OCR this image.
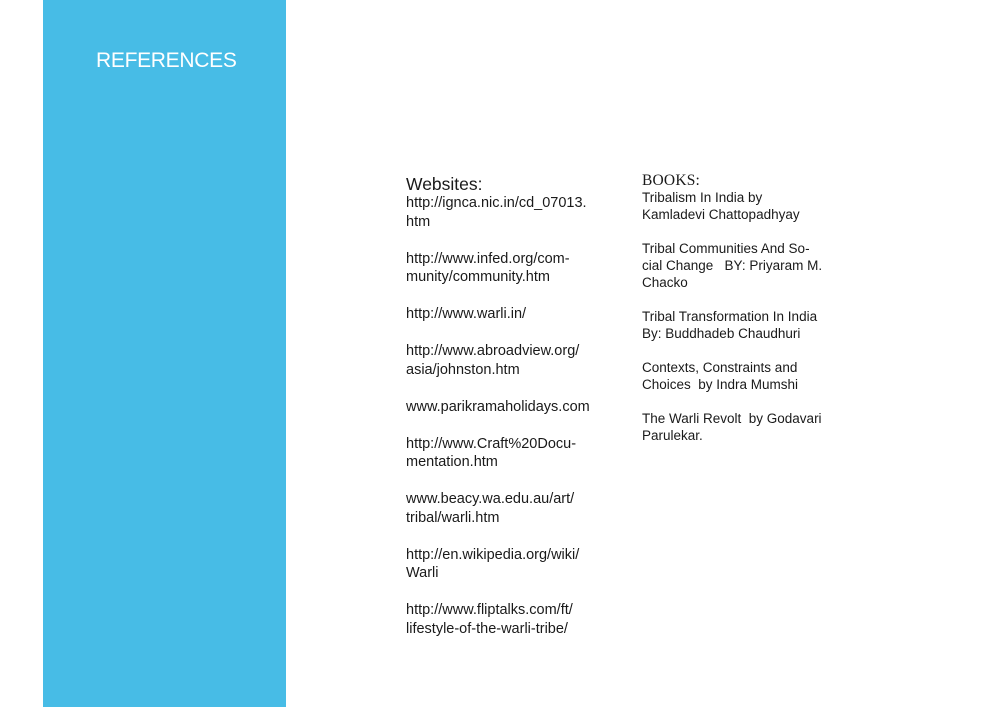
REFERENCES
Websites:
http://ignca.nic.in/cd_07013.
htm
http://www.infed.org/com-
munity/community.htm
http://www.warli.in/
http://www.abroadview.org/
asia/johnston.htm
www.parikramaholidays.com
http://www.Craft%20Docu-
mentation.htm
www.beacy.wa.edu.au/art/
tribal/warli.htm
http://en.wikipedia.org/wiki/
Warli
http://www.fliptalks.com/ft/
lifestyle-of-the-warli-tribe/
BOOKS:
Tribalism In India by
Kamladevi Chattopadhyay
Tribal Communities And So-
cial Change   BY: Priyaram M.
Chacko
Tribal Transformation In India
By: Buddhadeb Chaudhuri
Contexts, Constraints and
Choices  by Indra Mumshi
The Warli Revolt  by Godavari
Parulekar.
